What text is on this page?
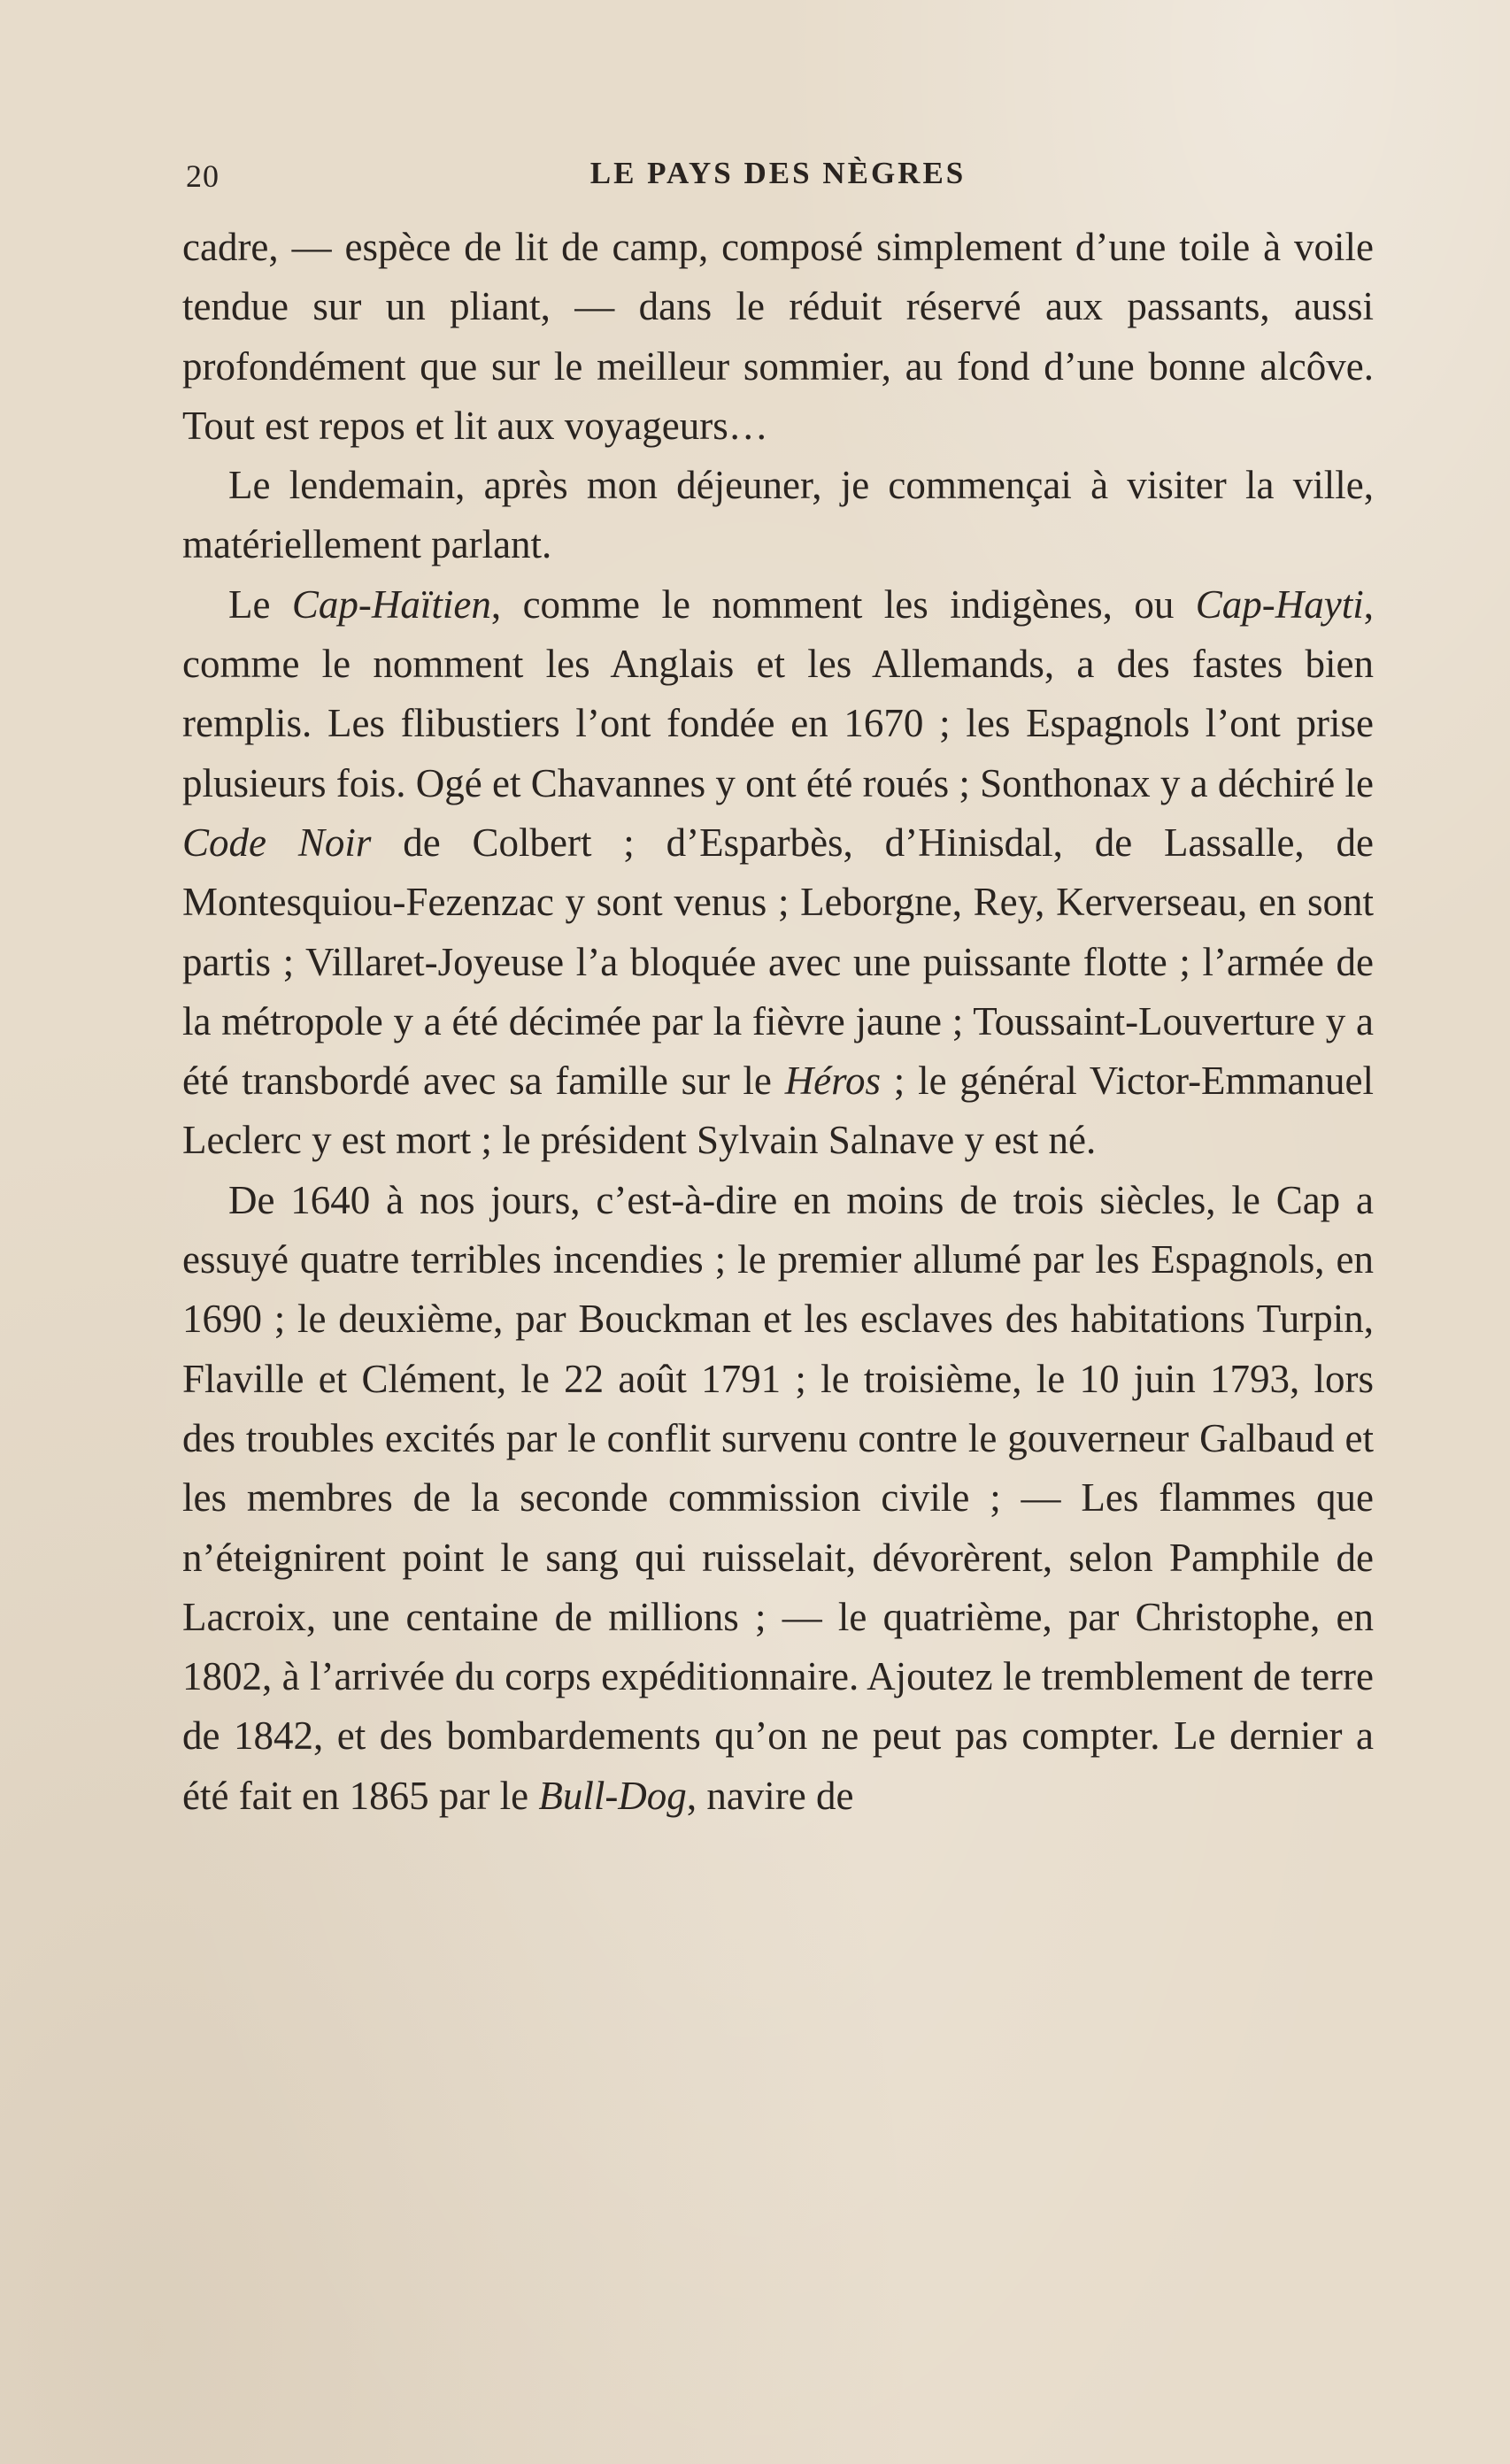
20	LE PAYS DES NÈGRES

cadre, — espèce de lit de camp, composé simplement d’une toile à voile tendue sur un pliant, — dans le réduit réservé aux passants, aussi profondément que sur le meilleur sommier, au fond d’une bonne alcôve. Tout est repos et lit aux voyageurs…

Le lendemain, après mon déjeuner, je commençai à visiter la ville, matériellement parlant.

Le Cap-Haïtien, comme le nomment les indigènes, ou Cap-Hayti, comme le nomment les Anglais et les Allemands, a des fastes bien remplis. Les flibustiers l’ont fondée en 1670 ; les Espagnols l’ont prise plusieurs fois. Ogé et Chavannes y ont été roués ; Sonthonax y a déchiré le Code Noir de Colbert ; d’Esparbès, d’Hinisdal, de Lassalle, de Montesquiou-Fezenzac y sont venus ; Leborgne, Rey, Kerverseau, en sont partis ; Villaret-Joyeuse l’a bloquée avec une puissante flotte ; l’armée de la métropole y a été décimée par la fièvre jaune ; Toussaint-Louverture y a été transbordé avec sa famille sur le Héros ; le général Victor-Emmanuel Leclerc y est mort ; le président Sylvain Salnave y est né.

De 1640 à nos jours, c’est-à-dire en moins de trois siècles, le Cap a essuyé quatre terribles incendies ; le premier allumé par les Espagnols, en 1690 ; le deuxième, par Bouckman et les esclaves des habitations Turpin, Flaville et Clément, le 22 août 1791 ; le troisième, le 10 juin 1793, lors des troubles excités par le conflit survenu contre le gouverneur Galbaud et les membres de la seconde commission civile ; — Les flammes que n’éteignirent point le sang qui ruisselait, dévorèrent, selon Pamphile de Lacroix, une centaine de millions ; — le quatrième, par Christophe, en 1802, à l’arrivée du corps expéditionnaire. Ajoutez le tremblement de terre de 1842, et des bombardements qu’on ne peut pas compter. Le dernier a été fait en 1865 par le Bull-Dog, navire de
